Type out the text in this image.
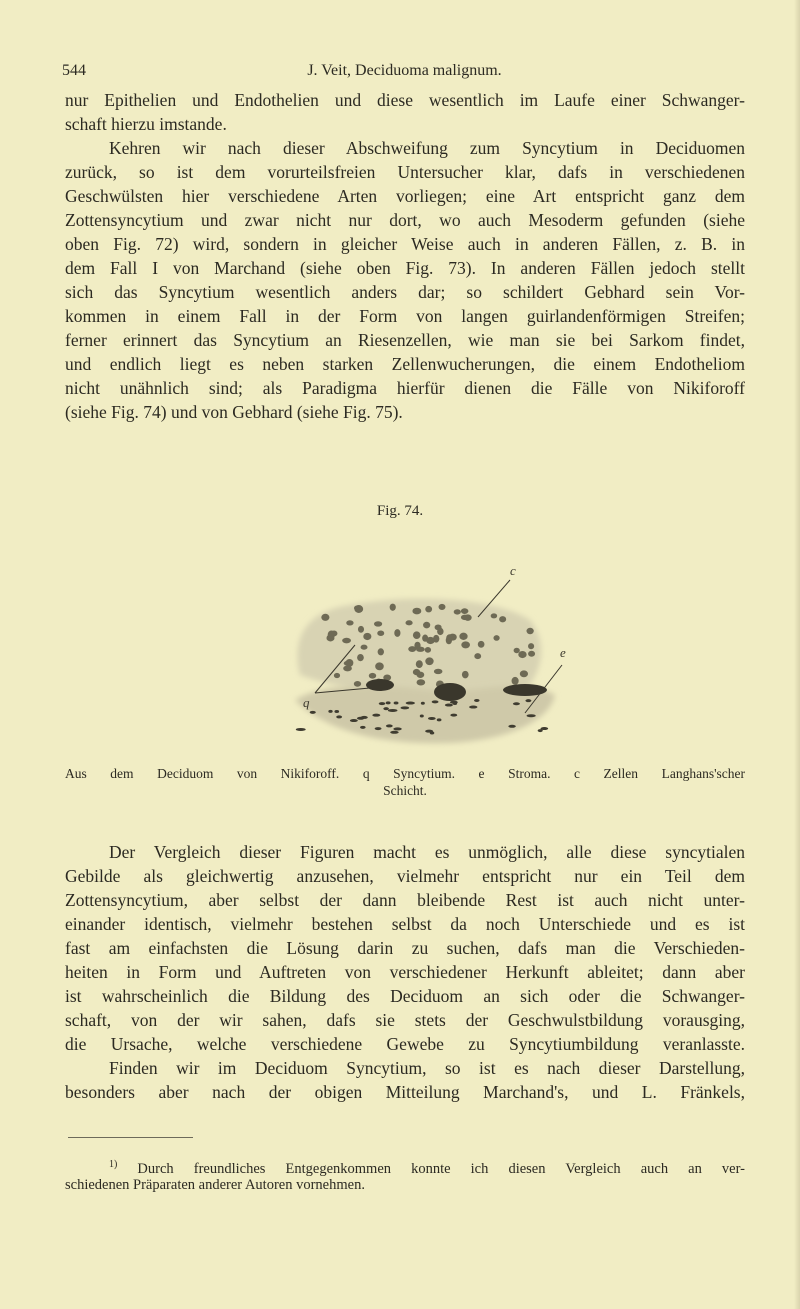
544	J. Veit, Deciduoma malignum.
nur Epithelien und Endothelien und diese wesentlich im Laufe einer Schwanger-
schaft hierzu imstande.
Kehren wir nach dieser Abschweifung zum Syncytium in Deciduomen
zurück, so ist dem vorurteilsfreien Untersucher klar, dafs in verschiedenen
Geschwülsten hier verschiedene Arten vorliegen; eine Art entspricht ganz dem
Zottensyncytium und zwar nicht nur dort, wo auch Mesoderm gefunden (siehe
oben Fig. 72) wird, sondern in gleicher Weise auch in anderen Fällen, z. B. in
dem Fall I von Marchand (siehe oben Fig. 73). In anderen Fällen jedoch stellt
sich das Syncytium wesentlich anders dar; so schildert Gebhard sein Vor-
kommen in einem Fall in der Form von langen guirlandenförmigen Streifen;
ferner erinnert das Syncytium an Riesenzellen, wie man sie bei Sarkom findet,
und endlich liegt es neben starken Zellenwucherungen, die einem Endotheliom
nicht unähnlich sind; als Paradigma hierfür dienen die Fälle von Nikiforoff
(siehe Fig. 74) und von Gebhard (siehe Fig. 75).
Fig. 74.
c
q
e
Aus dem Deciduom von Nikiforoff. q Syncytium. e Stroma. c Zellen Langhans'scher
Schicht.
Der Vergleich dieser Figuren macht es unmöglich, alle diese syncytialen
Gebilde als gleichwertig anzusehen, vielmehr entspricht nur ein Teil dem
Zottensyncytium, aber selbst der dann bleibende Rest ist auch nicht unter-
einander identisch, vielmehr bestehen selbst da noch Unterschiede und es ist
fast am einfachsten die Lösung darin zu suchen, dafs man die Verschieden-
heiten in Form und Auftreten von verschiedener Herkunft ableitet; dann aber
ist wahrscheinlich die Bildung des Deciduom an sich oder die Schwanger-
schaft, von der wir sahen, dafs sie stets der Geschwulstbildung vorausging,
die Ursache, welche verschiedene Gewebe zu Syncytiumbildung veranlasste.
Finden wir im Deciduom Syncytium, so ist es nach dieser Darstellung,
besonders aber nach der obigen Mitteilung Marchand's, und L. Fränkels,
$^{1)}$ Durch freundliches Entgegenkommen konnte ich diesen Vergleich auch an ver-
schiedenen Präparaten anderer Autoren vornehmen.
